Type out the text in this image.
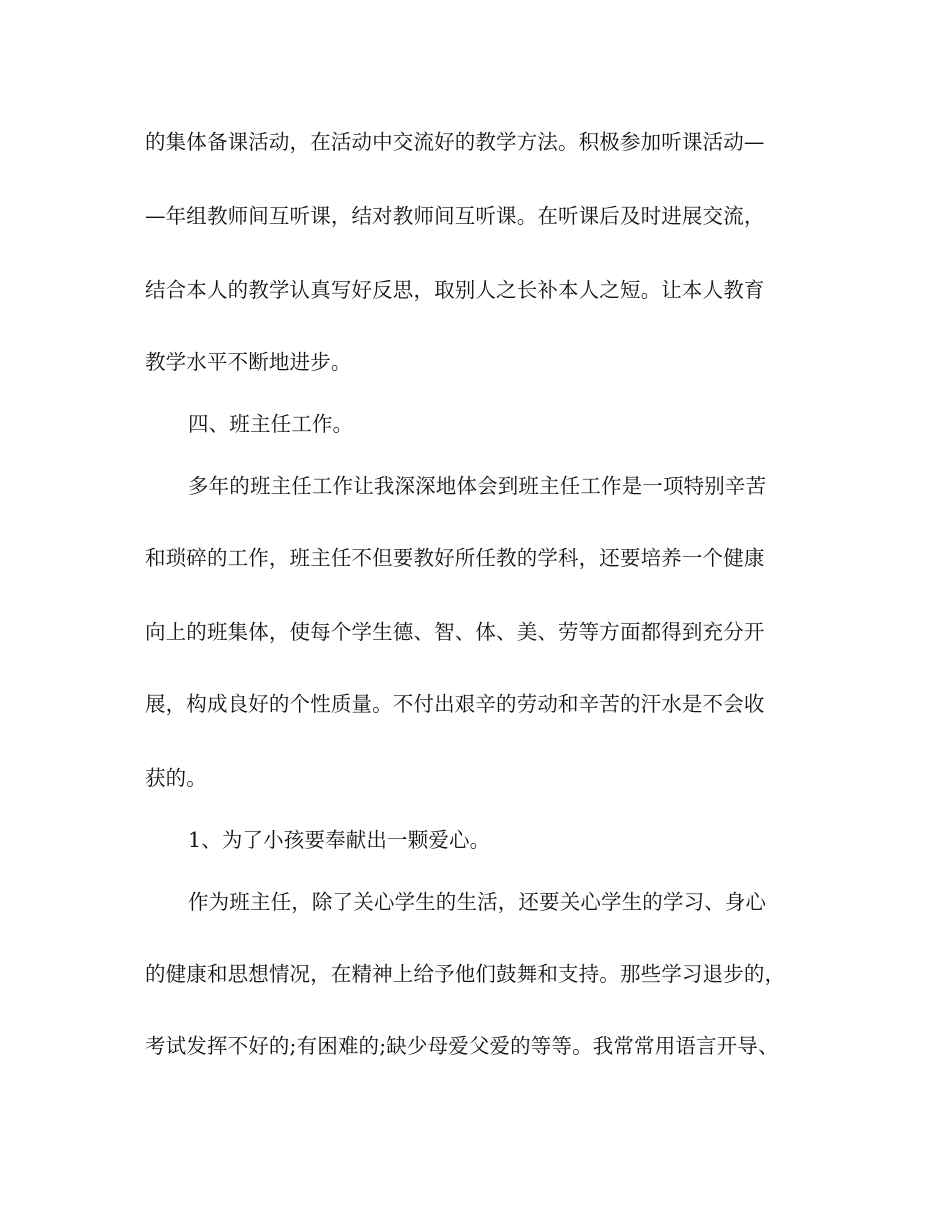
的集体备课活动，在活动中交流好的教学方法。积极参加听课活动—
—年组教师间互听课，结对教师间互听课。在听课后及时进展交流，
结合本人的教学认真写好反思，取别人之长补本人之短。让本人教育
教学水平不断地进步。
四、班主任工作。
多年的班主任工作让我深深地体会到班主任工作是一项特别辛苦
和琐碎的工作，班主任不但要教好所任教的学科，还要培养一个健康
向上的班集体，使每个学生德、智、体、美、劳等方面都得到充分开
展，构成良好的个性质量。不付出艰辛的劳动和辛苦的汗水是不会收
获的。
1、为了小孩要奉献出一颗爱心。
作为班主任，除了关心学生的生活，还要关心学生的学习、身心
的健康和思想情况，在精神上给予他们鼓舞和支持。那些学习退步的，
考试发挥不好的;有困难的;缺少母爱父爱的等等。我常常用语言开导、
